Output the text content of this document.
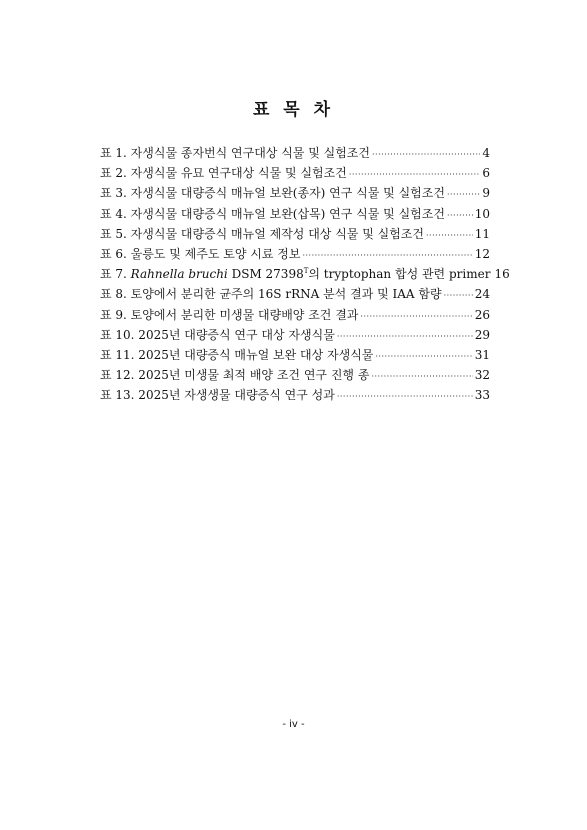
표 목 차
표 1. 자생식물 종자번식 연구대상 식물 및 실험조건 ·····	4
표 2. 자생식물 유묘 연구대상 식물 및 실험조건 ·····	6
표 3. 자생식물 대량증식 매뉴얼 보완(종자) 연구 식물 및 실험조건 ·····	9
표 4. 자생식물 대량증식 매뉴얼 보완(삽목) 연구 식물 및 실험조건 ····· 10
표 5. 자생식물 대량증식 매뉴얼 제작성 대상 식물 및 실험조건 ·····	11
표 6. 울릉도 및 제주도 토양 시료 정보 ·····	12
표 7. Rahnella bruchi DSM $27398^T$의 tryptophan 합성 관련 primer 16
표 8. 토양에서 분리한 균주의 16S rRNA 분석 결과 및 IAA 함량 ·····	24
표 9. 토양에서 분리한 미생물 대량배양 조건 결과 ·····	26
표 10. 2025년 대량증식 연구 대상 자생식물 ·····	29
표 11. 2025년 대량증식 매뉴얼 보완 대상 자생식물 ·····	31
표 12. 2025년 미생물 최적 배양 조건 연구 진행 종 ·····	32
표 13. 2025년 자생생물 대량증식 연구 성과 ·····	33
- iv -
